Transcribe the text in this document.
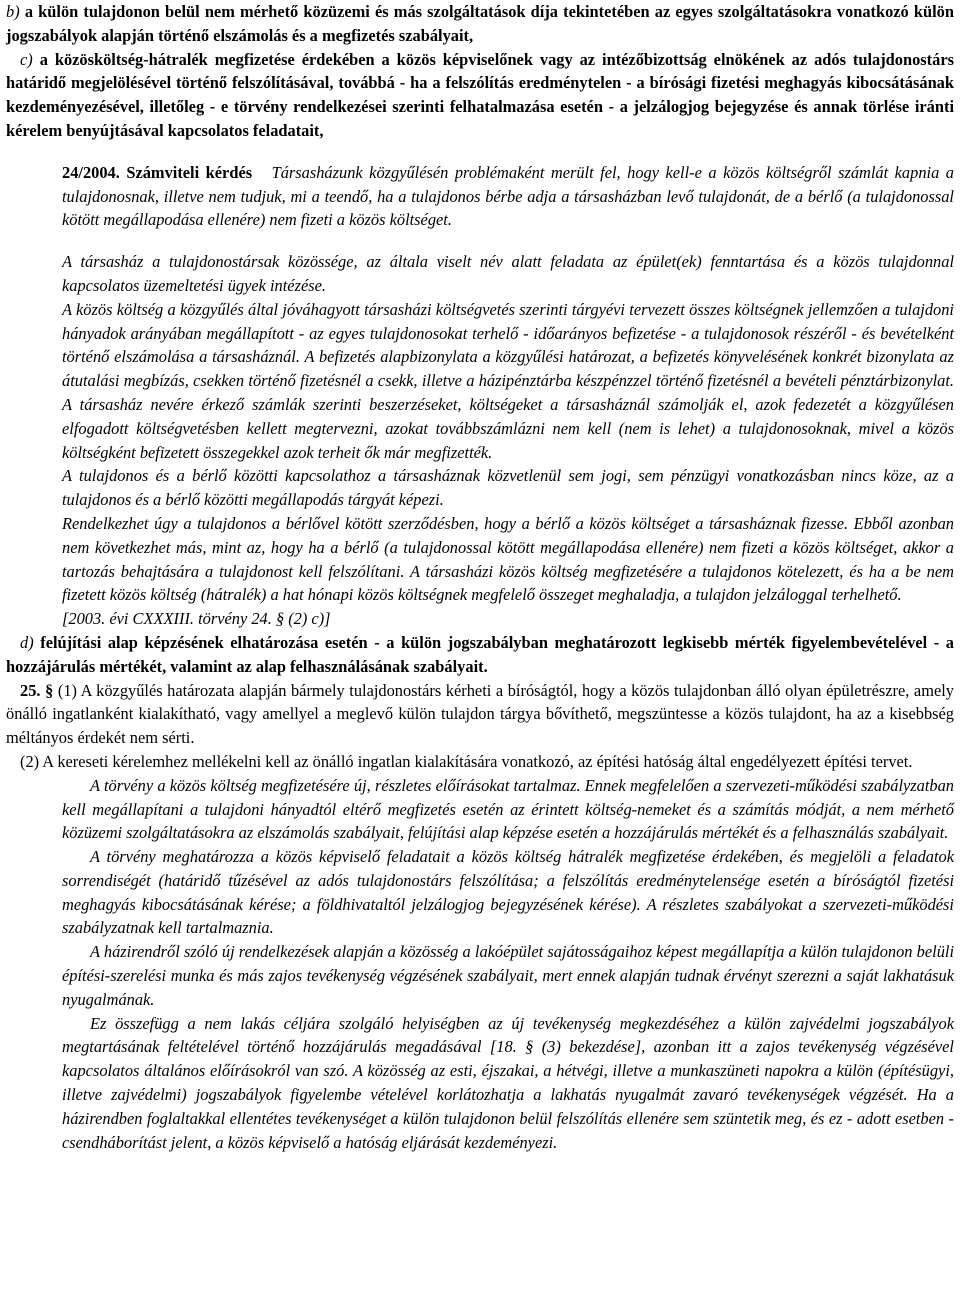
b) a külön tulajdonon belül nem mérhető közüzemi és más szolgáltatások díja tekintetében az egyes szolgáltatásokra vonatkozó külön jogszabályok alapján történő elszámolás és a megfizetés szabályait,

c) a közösköltség-hátralék megfizetése érdekében a közös képviselőnek vagy az intézőbizottság elnökének az adós tulajdonostárs határidő megjelölésével történő felszólításával, továbbá - ha a felszólítás eredménytelen - a bírósági fizetési meghagyás kibocsátásának kezdeményezésével, illetőleg - e törvény rendelkezései szerinti felhatalmazása esetén - a jelzálogjog bejegyzése és annak törlése iránti kérelem benyújtásával kapcsolatos feladatait,

24/2004. Számviteli kérdés Társasházunk közgyűlésén problémaként merült fel, hogy kell-e a közös költségről számlát kapnia a tulajdonosnak, illetve nem tudjuk, mi a teendő, ha a tulajdonos bérbe adja a társasházban levő tulajdonát, de a bérlő (a tulajdonossal kötött megállapodása ellenére) nem fizeti a közös költséget.

A társasház a tulajdonostársak közössége, az általa viselt név alatt feladata az épület(ek) fenntartása és a közös tulajdonnal kapcsolatos üzemeltetési ügyek intézése.

A közös költség a közgyűlés által jóváhagyott társasházi költségvetés szerinti tárgyévi tervezett összes költségnek jellemzően a tulajdoni hányadok arányában megállapított - az egyes tulajdonosokat terhelő - időarányos befizetése - a tulajdonosok részéről - és bevételként történő elszámolása a társasháznál. A befizetés alapbizonylata a közgyűlési határozat, a befizetés könyvelésének konkrét bizonylata az átutalási megbízás, csekken történő fizetésnél a csekk, illetve a házipénztárba készpénzzel történő fizetésnél a bevételi pénztárbizonylat. A társasház nevére érkező számlák szerinti beszerzéseket, költségeket a társasháznál számolják el, azok fedezetét a közgyűlésen elfogadott költségvetésben kellett megtervezni, azokat továbbszámlázni nem kell (nem is lehet) a tulajdonosoknak, mivel a közös költségként befizetett összegekkel azok terheit ők már megfizették.

A tulajdonos és a bérlő közötti kapcsolathoz a társasháznak közvetlenül sem jogi, sem pénzügyi vonatkozásban nincs köze, az a tulajdonos és a bérlő közötti megállapodás tárgyát képezi.

Rendelkezhet úgy a tulajdonos a bérlővel kötött szerződésben, hogy a bérlő a közös költséget a társasháznak fizesse. Ebből azonban nem következhet más, mint az, hogy ha a bérlő (a tulajdonossal kötött megállapodása ellenére) nem fizeti a közös költséget, akkor a tartozás behajtására a tulajdonost kell felszólítani. A társasházi közös költség megfizetésére a tulajdonos kötelezett, és ha a be nem fizetett közös költség (hátralék) a hat hónapi közös költségnek megfelelő összeget meghaladja, a tulajdon jelzáloggal terhelhető.

[2003. évi CXXXIII. törvény 24. § (2) c)]

d) felújítási alap képzésének elhatározása esetén - a külön jogszabályban meghatározott legkisebb mérték figyelembevételével - a hozzájárulás mértékét, valamint az alap felhasználásának szabályait.

25. § (1) A közgyűlés határozata alapján bármely tulajdonostárs kérheti a bíróságtól, hogy a közös tulajdonban álló olyan épületrészre, amely önálló ingatlanként kialakítható, vagy amellyel a meglevő külön tulajdon tárgya bővíthető, megszüntesse a közös tulajdont, ha az a kisebbség méltányos érdekét nem sérti.

(2) A kereseti kérelemhez mellékelni kell az önálló ingatlan kialakítására vonatkozó, az építési hatóság által engedélyezett építési tervet.

A törvény a közös költség megfizetésére új, részletes előírásokat tartalmaz. Ennek megfelelően a szervezeti-működési szabályzatban kell megállapítani a tulajdoni hányadtól eltérő megfizetés esetén az érintett költség-nemeket és a számítás módját, a nem mérhető közüzemi szolgáltatásokra az elszámolás szabályait, felújítási alap képzése esetén a hozzájárulás mértékét és a felhasználás szabályait.

A törvény meghatározza a közös képviselő feladatait a közös költség hátralék megfizetése érdekében, és megjelöli a feladatok sorrendiségét (határidő tűzésével az adós tulajdonostárs felszólítása; a felszólítás eredménytelensége esetén a bíróságtól fizetési meghagyás kibocsátásának kérése; a földhivataltól jelzálogjog bejegyzésének kérése). A részletes szabályokat a szervezeti-működési szabályzatnak kell tartalmaznia.

A házirendről szóló új rendelkezések alapján a közösség a lakóépület sajátosságaihoz képest megállapítja a külön tulajdonon belüli építési-szerelési munka és más zajos tevékenység végzésének szabályait, mert ennek alapján tudnak érvényt szerezni a saját lakhatásuk nyugalmának.

Ez összefügg a nem lakás céljára szolgáló helyiségben az új tevékenység megkezdéséhez a külön zajvédelmi jogszabályok megtartásának feltételével történő hozzájárulás megadásával [18. § (3) bekezdése], azonban itt a zajos tevékenység végzésével kapcsolatos általános előírásokról van szó. A közösség az esti, éjszakai, a hétvégi, illetve a munkaszüneti napokra a külön (építésügyi, illetve zajvédelmi) jogszabályok figyelembe vételével korlátozhatja a lakhatás nyugalmát zavaró tevékenységek végzését. Ha a házirendben foglaltakkal ellentétes tevékenységet a külön tulajdonon belül felszólítás ellenére sem szüntetik meg, és ez - adott esetben - csendháborítást jelent, a közös képviselő a hatóság eljárását kezdeményezi.
